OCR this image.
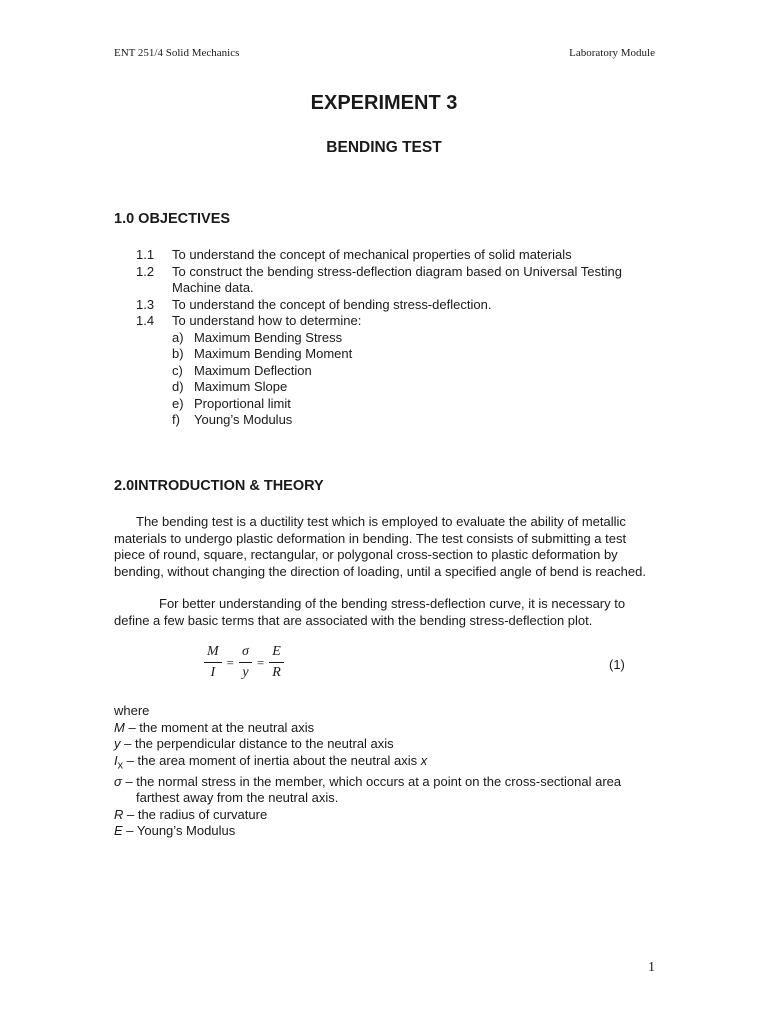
ENT 251/4 Solid Mechanics	Laboratory Module
EXPERIMENT 3
BENDING TEST
1.0 OBJECTIVES
1.1	To understand the concept of mechanical properties of solid materials
1.2	To construct the bending stress-deflection diagram based on Universal Testing Machine data.
1.3	To understand the concept of bending stress-deflection.
1.4	To understand how to determine:
a) Maximum Bending Stress
b) Maximum Bending Moment
c) Maximum Deflection
d) Maximum Slope
e) Proportional limit
f)	Young’s Modulus
2.0INTRODUCTION & THEORY
The bending test is a ductility test which is employed to evaluate the ability of metallic materials to undergo plastic deformation in bending. The test consists of submitting a test piece of round, square, rectangular, or polygonal cross-section to plastic deformation by bending, without changing the direction of loading, until a specified angle of bend is reached.
For better understanding of the bending stress-deflection curve, it is necessary to define a few basic terms that are associated with the bending stress-deflection plot.
$\frac{M}{I} = \frac{\sigma}{y} = \frac{E}{R}$	(1)
where
M – the moment at the neutral axis
y – the perpendicular distance to the neutral axis
$I_x$ – the area moment of inertia about the neutral axis x
σ – the normal stress in the member, which occurs at a point on the cross-sectional area
farthest away from the neutral axis.
R – the radius of curvature
E – Young’s Modulus
1
